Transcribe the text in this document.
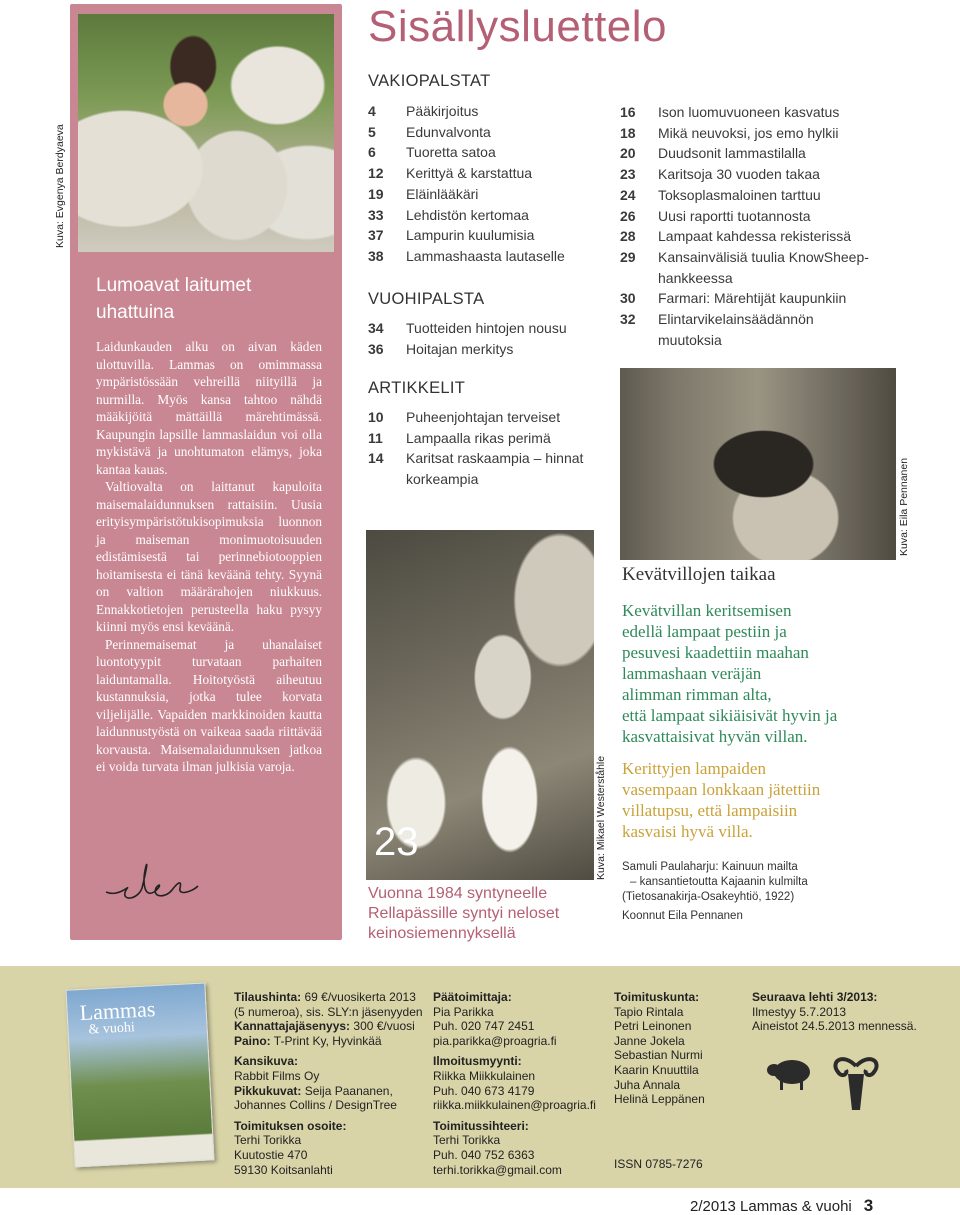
Sisällysluettelo
Lumoavat laitumet uhattuina

Laidunkauden alku on aivan käden ulottuvilla. Lammas on omimmassa ympäristössään vehreillä niityillä ja nurmilla. Myös kansa tahtoo nähdä määkijöitä mättäillä märehtimässä. Kaupungin lapsille lammaslaidun voi olla mykistävä ja unohtumaton elämys, joka kantaa kauas.

Valtiovalta on laittanut kapuloita maisemalaidunnuksen rattaisiin. Uusia erityisympäristötukisopimuksia luonnon ja maiseman monimuotoisuuden edistämisestä tai perinnebiotooppien hoitamisesta ei tänä keväänä tehty. Syynä on valtion määrärahojen niukkuus. Ennakkotietojen perusteella haku pysyy kiinni myös ensi keväänä.

Perinnemaisemat ja uhanalaiset luontotyypit turvataan parhaiten laiduntamalla. Hoitotyöstä aiheutuu kustannuksia, jotka tulee korvata viljelijälle. Vapaiden markkinoiden kautta laidunnustyöstä on vaikeaa saada riittävää korvausta. Maisemalaidunnuksen jatkoa ei voida turvata ilman julkisia varoja.

Kuva: Evgenya Berdyaeva
VAKIOPALSTAT
4	Pääkirjoitus
5	Edunvalvonta
6	Tuoretta satoa
12	Kerittyä & karstattua
19	Eläinlääkäri
33	Lehdistön kertomaa
37	Lampurin kuulumisia
38	Lammashaasta lautaselle
VUOHIPALSTA
34	Tuotteiden hintojen nousu
36	Hoitajan merkitys
ARTIKKELIT
10	Puheenjohtajan terveiset
11	Lampaalla rikas perimä
14	Karitsat raskaampia – hinnat korkeampia
16	Ison luomuvuoneen kasvatus
18	Mikä neuvoksi, jos emo hylkii
20	Duudsonit lammastilalla
23	Karitsoja 30 vuoden takaa
24	Toksoplasmaloinen tarttuu
26	Uusi raportti tuotannosta
28	Lampaat kahdessa rekisterissä
29	Kansainvälisiä tuulia KnowSheep-hankkeessa
30	Farmari: Märehtijät kaupunkiin
32	Elintarvikelainsäädännön muutoksia
23	Kuva: Mikael Westerståhle
Vuonna 1984 syntyneelle Rellapässille syntyi neloset keinosiemennyksellä
Kuva: Eila Pennanen
Kevätvillojen taikaa
Kevätvillan keritsemisen
edellä lampaat pestiin ja
pesuvesi kaadettiin maahan
lammashaan veräjän
alimman rimman alta,
että lampaat sikiäisivät hyvin ja
kasvattaisivat hyvän villan.
Kerittyjen lampaiden
vasempaan lonkkaan jätettiin
villatupsu, että lampaisiin
kasvaisi hyvä villa.

Samuli Paulaharju: Kainuun mailta
– kansantietoutta Kajaanin kulmilta
(Tietosanakirja-Osakeyhtiö, 1922)

Koonnut Eila Pennanen

Lammas
& vuohi
Tilaushinta: 69 €/vuosikerta 2013
(5 numeroa), sis. SLY:n jäsenyyden
Kannattajajäsenyys: 300 €/vuosi
Paino: T-Print Ky, Hyvinkää
Kansikuva:
Rabbit Films Oy
Pikkukuvat: Seija Paananen,
Johannes Collins / DesignTree
Toimituksen osoite:
Terhi Torikka
Kuutostie 470
59130 Koitsanlahti
Päätoimittaja:
Pia Parikka
Puh. 020 747 2451
pia.parikka@proagria.fi
Ilmoitusmyynti:
Riikka Miikkulainen
Puh. 040 673 4179
riikka.miikkulainen@proagria.fi
Toimitussihteeri:
Terhi Torikka
Puh. 040 752 6363
terhi.torikka@gmail.com
Toimituskunta:
Tapio Rintala
Petri Leinonen
Janne Jokela
Sebastian Nurmi
Kaarin Knuuttila
Juha Annala
Helinä Leppänen
ISSN 0785-7276
Seuraava lehti 3/2013:
Ilmestyy 5.7.2013
Aineistot 24.5.2013 mennessä.
2/2013 Lammas & vuohi 3
